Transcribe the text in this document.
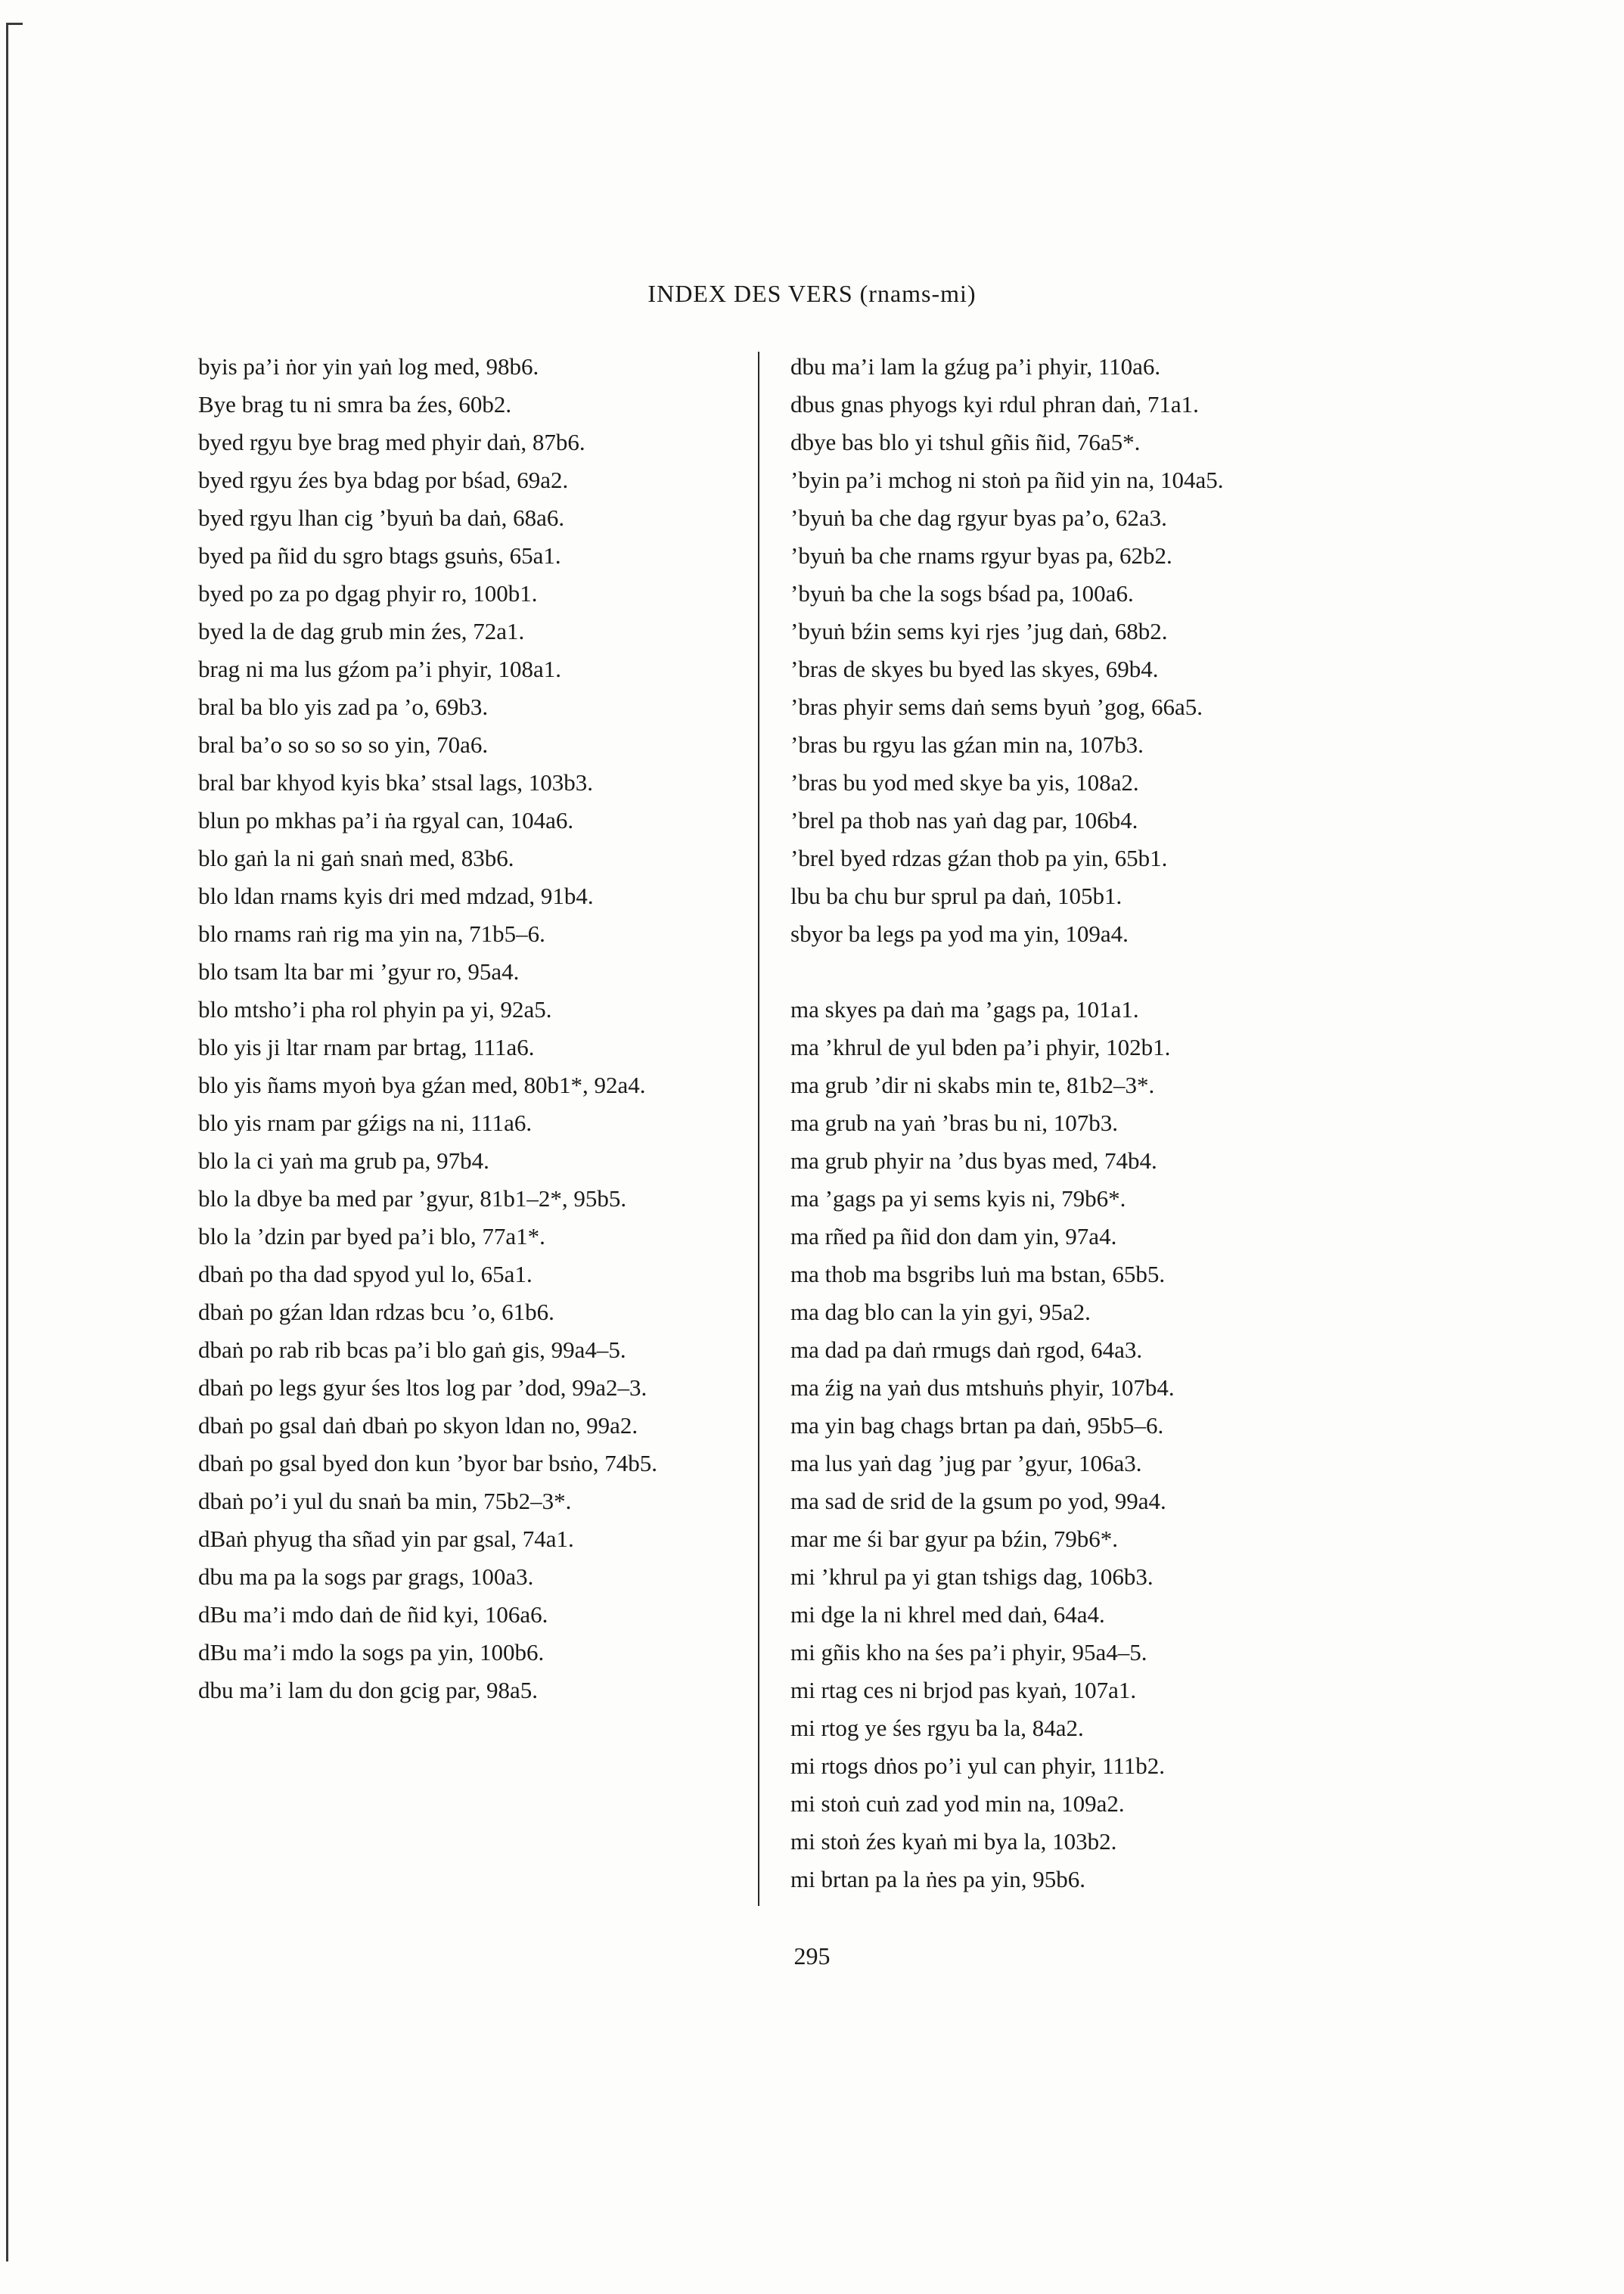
INDEX DES VERS (rnams-mi)
byis pa’i ṅor yin yaṅ log med, 98b6.
Bye brag tu ni smra ba źes, 60b2.
byed rgyu bye brag med phyir daṅ, 87b6.
byed rgyu źes bya bdag por bśad, 69a2.
byed rgyu lhan cig ’byuṅ ba daṅ, 68a6.
byed pa ñid du sgro btags gsuṅs, 65a1.
byed po za po dgag phyir ro, 100b1.
byed la de dag grub min źes, 72a1.
brag ni ma lus gźom pa’i phyir, 108a1.
bral ba blo yis zad pa ’o, 69b3.
bral ba’o so so so so yin, 70a6.
bral bar khyod kyis bka’ stsal lags, 103b3.
blun po mkhas pa’i ṅa rgyal can, 104a6.
blo gaṅ la ni gaṅ snaṅ med, 83b6.
blo ldan rnams kyis dri med mdzad, 91b4.
blo rnams raṅ rig ma yin na, 71b5–6.
blo tsam lta bar mi ’gyur ro, 95a4.
blo mtsho’i pha rol phyin pa yi, 92a5.
blo yis ji ltar rnam par brtag, 111a6.
blo yis ñams myoṅ bya gźan med, 80b1*, 92a4.
blo yis rnam par gźigs na ni, 111a6.
blo la ci yaṅ ma grub pa, 97b4.
blo la dbye ba med par ’gyur, 81b1–2*, 95b5.
blo la ’dzin par byed pa’i blo, 77a1*.
dbaṅ po tha dad spyod yul lo, 65a1.
dbaṅ po gźan ldan rdzas bcu ’o, 61b6.
dbaṅ po rab rib bcas pa’i blo gaṅ gis, 99a4–5.
dbaṅ po legs gyur śes ltos log par ’dod, 99a2–3.
dbaṅ po gsal daṅ dbaṅ po skyon ldan no, 99a2.
dbaṅ po gsal byed don kun ’byor bar bsṅo, 74b5.
dbaṅ po’i yul du snaṅ ba min, 75b2–3*.
dBaṅ phyug tha sñad yin par gsal, 74a1.
dbu ma pa la sogs par grags, 100a3.
dBu ma’i mdo daṅ de ñid kyi, 106a6.
dBu ma’i mdo la sogs pa yin, 100b6.
dbu ma’i lam du don gcig par, 98a5.
dbu ma’i lam la gźug pa’i phyir, 110a6.
dbus gnas phyogs kyi rdul phran daṅ, 71a1.
dbye bas blo yi tshul gñis ñid, 76a5*.
’byin pa’i mchog ni stoṅ pa ñid yin na, 104a5.
’byuṅ ba che dag rgyur byas pa’o, 62a3.
’byuṅ ba che rnams rgyur byas pa, 62b2.
’byuṅ ba che la sogs bśad pa, 100a6.
’byuṅ bźin sems kyi rjes ’jug daṅ, 68b2.
’bras de skyes bu byed las skyes, 69b4.
’bras phyir sems daṅ sems byuṅ ’gog, 66a5.
’bras bu rgyu las gźan min na, 107b3.
’bras bu yod med skye ba yis, 108a2.
’brel pa thob nas yaṅ dag par, 106b4.
’brel byed rdzas gźan thob pa yin, 65b1.
lbu ba chu bur sprul pa daṅ, 105b1.
sbyor ba legs pa yod ma yin, 109a4.
ma skyes pa daṅ ma ’gags pa, 101a1.
ma ’khrul de yul bden pa’i phyir, 102b1.
ma grub ’dir ni skabs min te, 81b2–3*.
ma grub na yaṅ ’bras bu ni, 107b3.
ma grub phyir na ’dus byas med, 74b4.
ma ’gags pa yi sems kyis ni, 79b6*.
ma rñed pa ñid don dam yin, 97a4.
ma thob ma bsgribs luṅ ma bstan, 65b5.
ma dag blo can la yin gyi, 95a2.
ma dad pa daṅ rmugs daṅ rgod, 64a3.
ma źig na yaṅ dus mtshuṅs phyir, 107b4.
ma yin bag chags brtan pa daṅ, 95b5–6.
ma lus yaṅ dag ’jug par ’gyur, 106a3.
ma sad de srid de la gsum po yod, 99a4.
mar me śi bar gyur pa bźin, 79b6*.
mi ’khrul pa yi gtan tshigs dag, 106b3.
mi dge la ni khrel med daṅ, 64a4.
mi gñis kho na śes pa’i phyir, 95a4–5.
mi rtag ces ni brjod pas kyaṅ, 107a1.
mi rtog ye śes rgyu ba la, 84a2.
mi rtogs dṅos po’i yul can phyir, 111b2.
mi stoṅ cuṅ zad yod min na, 109a2.
mi stoṅ źes kyaṅ mi bya la, 103b2.
mi brtan pa la ṅes pa yin, 95b6.
295
